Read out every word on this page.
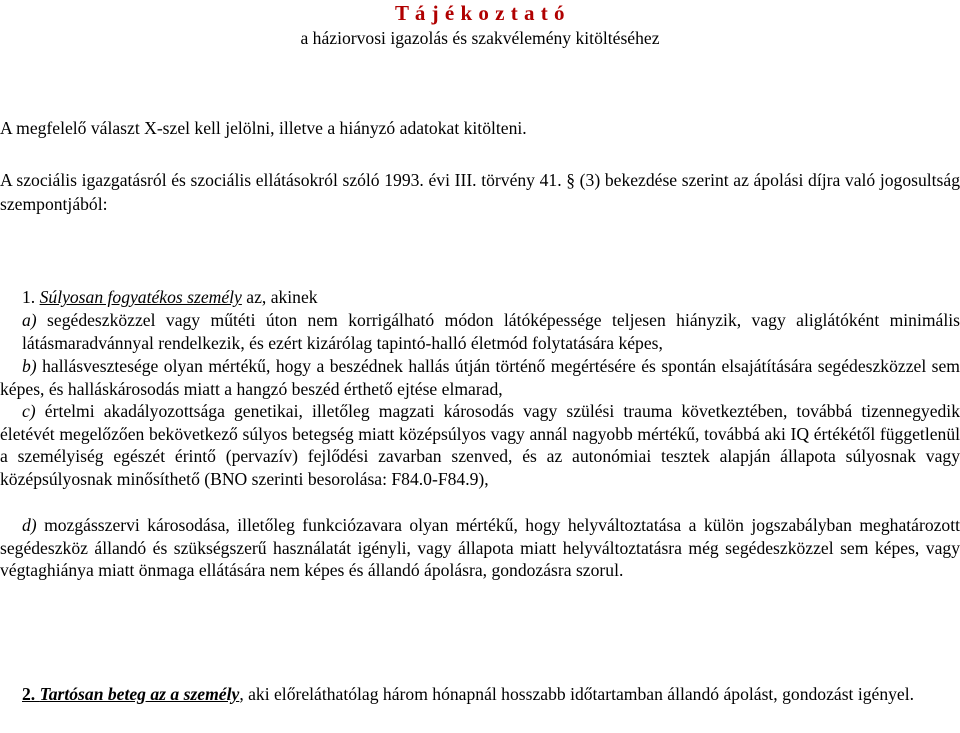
T á j é k o z t a t ó
a háziorvosi igazolás és szakvélemény kitöltéséhez
A megfelelő választ X-szel kell jelölni, illetve a hiányzó adatokat kitölteni.
A szociális igazgatásról és szociális ellátásokról szóló 1993. évi III. törvény 41. § (3) bekezdése szerint az ápolási díjra való jogosultság szempontjából:
1. Súlyosan fogyatékos személy az, akinek
a) segédeszközzel vagy műtéti úton nem korrigálható módon látóképessége teljesen hiányzik, vagy aliglátóként minimális látásmaradvánnyal rendelkezik, és ezért kizárólag tapintó-halló életmód folytatására képes,
b) hallásvesztesége olyan mértékű, hogy a beszédnek hallás útján történő megértésére és spontán elsajátítására segédeszközzel sem képes, és halláskárosodás miatt a hangzó beszéd érthető ejtése elmarad,
c) értelmi akadályozottsága genetikai, illetőleg magzati károsodás vagy szülési trauma következtében, továbbá tizennegyedik életévét megelőzően bekövetkező súlyos betegség miatt középsúlyos vagy annál nagyobb mértékű, továbbá aki IQ értékétől függetlenül a személyiség egészét érintő (pervazív) fejlődési zavarban szenved, és az autonómiai tesztek alapján állapota súlyosnak vagy középsúlyosnak minősíthető (BNO szerinti besorolása: F84.0-F84.9),
d) mozgásszervi károsodása, illetőleg funkciózavara olyan mértékű, hogy helyváltoztatása a külön jogszabályban meghatározott segédeszköz állandó és szükségszerű használatát igényli, vagy állapota miatt helyváltoztatásra még segédeszközzel sem képes, vagy végtaghiánya miatt önmaga ellátására nem képes és állandó ápolásra, gondozásra szorul.
2. Tartósan beteg az a személy, aki előreláthatólag három hónapnál hosszabb időtartamban állandó ápolást, gondozást igényel.
